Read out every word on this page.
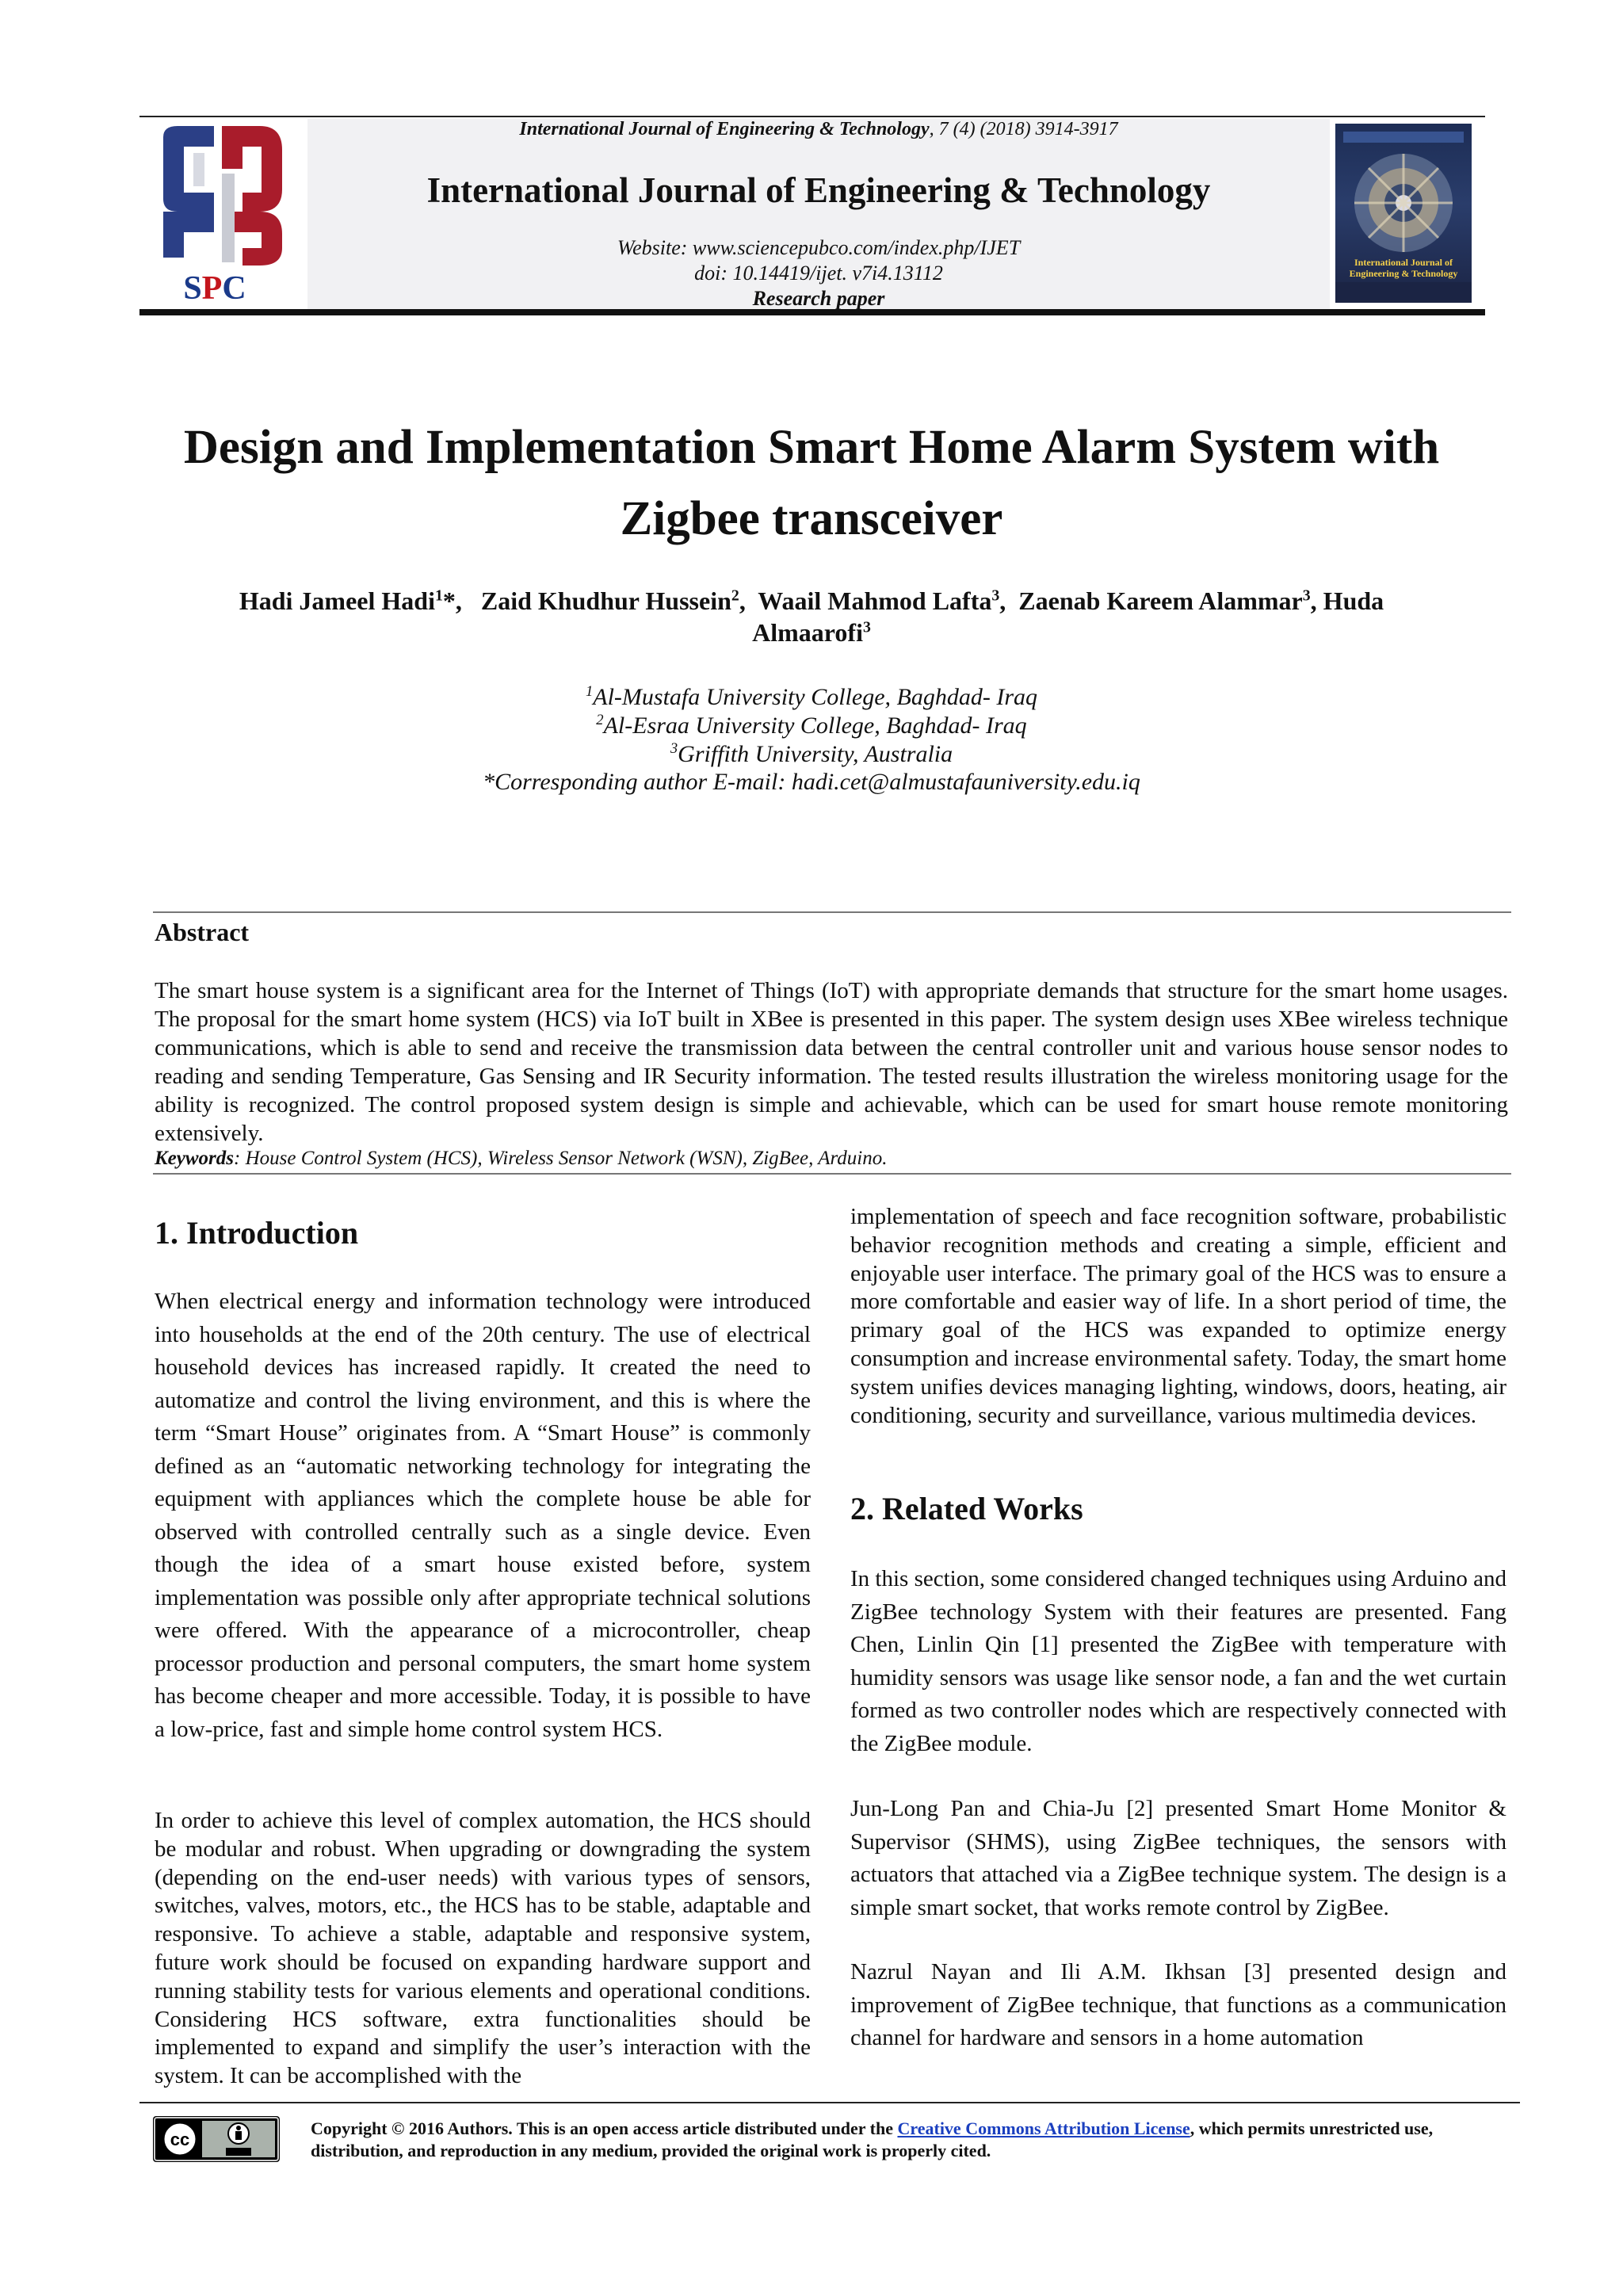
SPC
International Journal of Engineering & Technology, 7 (4) (2018) 3914-3917
International Journal of Engineering & Technology
Website: www.sciencepubco.com/index.php/IJET
doi: 10.14419/ijet. v7i4.13112
Research paper
International Journal of Engineering & Technology
Design and Implementation Smart Home Alarm System with
Zigbee transceiver
Hadi Jameel Hadi$^1$*, Zaid Khudhur Hussein$^2$,  Waail Mahmod Lafta$^3$,  Zaenab Kareem Alammar$^3$, Huda
Almaarofi$^3$
$^1$Al-Mustafa University College, Baghdad- Iraq
$^2$Al-Esraa University College, Baghdad- Iraq
$^3$Griffith University, Australia
*Corresponding author E-mail: hadi.cet@almustafauniversity.edu.iq
Abstract
The smart house system is a significant area for the Internet of Things (IoT) with appropriate demands that structure for the smart home usages. The proposal for the smart home system (HCS) via IoT built in XBee is presented in this paper. The system design uses XBee wireless technique communications, which is able to send and receive the transmission data between the central controller unit and various house sensor nodes to reading and sending Temperature, Gas Sensing and IR Security information. The tested results illustration the wireless monitoring usage for the ability is recognized. The control proposed system design is simple and achievable, which can be used for smart house remote monitoring extensively.
Keywords: House Control System (HCS), Wireless Sensor Network (WSN), ZigBee, Arduino.
1. Introduction
When electrical energy and information technology were introduced into households at the end of the 20th century. The use of electrical household devices has increased rapidly. It created the need to automatize and control the living environment, and this is where the term “Smart House” originates from. A “Smart House” is commonly defined as an “automatic networking technology for integrating the equipment with appliances which the complete house be able for observed with controlled centrally such as a single device. Even though the idea of a smart house existed before, system implementation was possible only after appropriate technical solutions were offered. With the appearance of a microcontroller, cheap processor production and personal computers, the smart home system has become cheaper and more accessible. Today, it is possible to have a low-price, fast and simple home control system HCS.
In order to achieve this level of complex automation, the HCS should be modular and robust. When upgrading or downgrading the system (depending on the end-user needs) with various types of sensors, switches, valves, motors, etc., the HCS has to be stable, adaptable and responsive. To achieve a stable, adaptable and responsive system, future work should be focused on expanding hardware support and running stability tests for various elements and operational conditions. Considering HCS software, extra functionalities should be implemented to expand and simplify the user’s interaction with the system. It can be accomplished with the
implementation of speech and face recognition software, probabilistic behavior recognition methods and creating a simple, efficient and enjoyable user interface. The primary goal of the HCS was to ensure a more comfortable and easier way of life. In a short period of time, the primary goal of the HCS was expanded to optimize energy consumption and increase environmental safety. Today, the smart home system unifies devices managing lighting, windows, doors, heating, air conditioning, security and surveillance, various multimedia devices.
2. Related Works
In this section, some considered changed techniques using Arduino and ZigBee technology System with their features are presented. Fang Chen, Linlin Qin [1] presented the ZigBee with temperature with humidity sensors was usage like sensor node, a fan and the wet curtain formed as two controller nodes which are respectively connected with the ZigBee module.
Jun-Long Pan and Chia-Ju [2] presented Smart Home Monitor & Supervisor (SHMS), using ZigBee techniques, the sensors with actuators that attached via a ZigBee technique system. The design is a simple smart socket, that works remote control by ZigBee.
Nazrul Nayan and Ili A.M. Ikhsan [3] presented design and improvement of ZigBee technique, that functions as a communication channel for hardware and sensors in a home automation
cc
Copyright © 2016 Authors. This is an open access article distributed under the Creative Commons Attribution License, which permits unrestricted use, distribution, and reproduction in any medium, provided the original work is properly cited.
